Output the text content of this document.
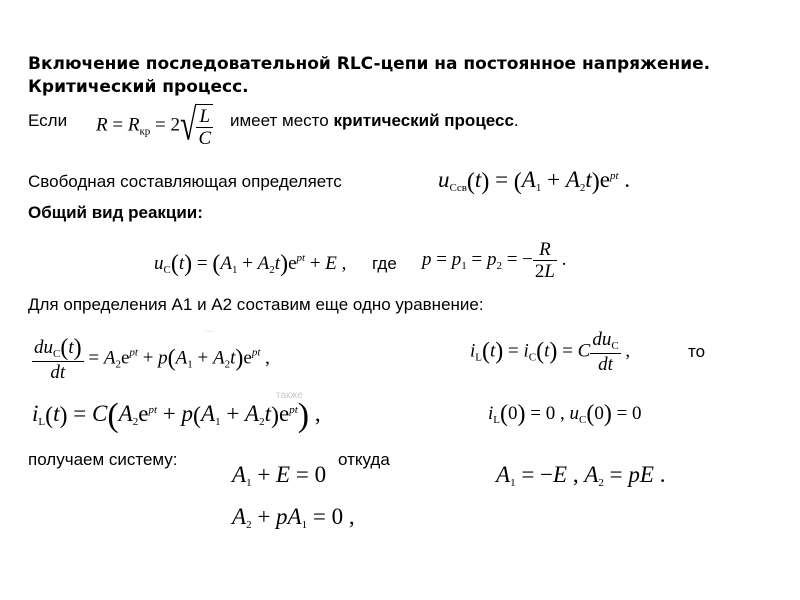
Включение последовательной RLC-цепи на постоянное напряжение.
Критический процесс.
Если $R = R_{кр} = 2√ \frac{L}{C}$ имеет место критический процесс.
Свободная составляющая определяетс	$u_{Cсв}(t) = (A_1 + A_2t)e^{pt}$ .
Общий вид реакции:
$u_C(t) = (A_1 + A_2t)e^{pt} + E$ , где $p = p_1 = p_2$ = − $\frac{R}{2L}$ .
Для определения А1 и А2 составим еще одно уравнение:
...
$\frac{du_C(t)}{dt} = A_2e^{pt} + p(A_1 + A_2t)e^{pt}$ ,	$i_L(t) = i_C(t) = C \frac{du_C}{dt}$ ,	то
также
$i_L(t) = C(A_2e^{pt} + p(A_1 + A_2t)e^{pt})$ ,	$i_L(0) = 0$ , $u_C(0) = 0$
получаем систему:
$A_1 + E = 0$
откуда
$A_2 + pA_1 = 0$ ,
$A_1 = -E$ , $A_2$ = pE .
